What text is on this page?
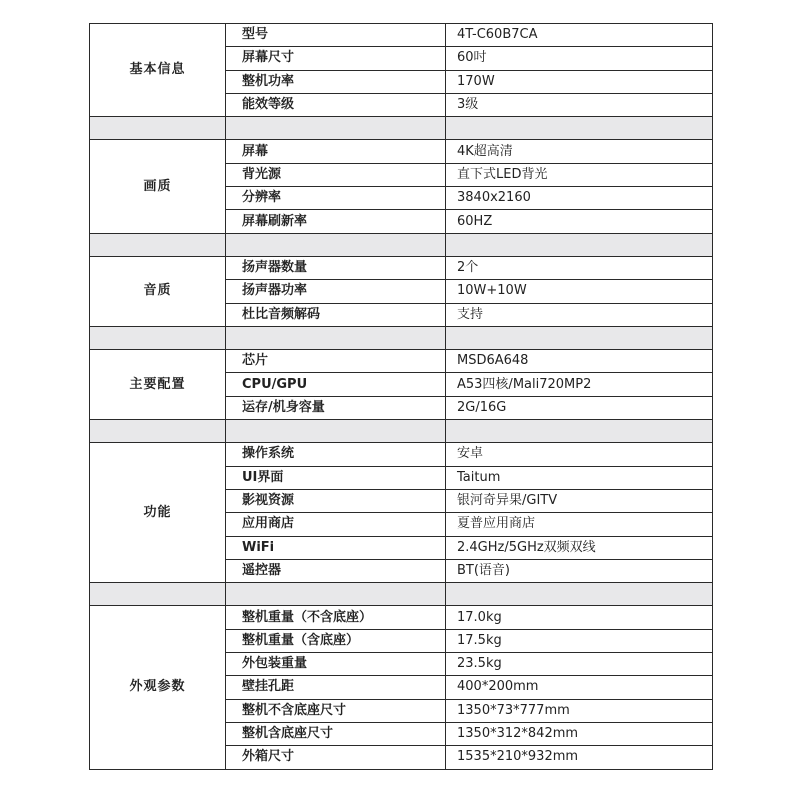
基本信息	型号	4T-C60B7CA
	屏幕尺寸	60吋
	整机功率	170W
	能效等级	3级

画质	屏幕	4K超高清
	背光源	直下式LED背光
	分辨率	3840x2160
	屏幕刷新率	60HZ

音质	扬声器数量	2个
	扬声器功率	10W+10W
	杜比音频解码	支持

主要配置	芯片	MSD6A648
	CPU/GPU	A53四核/Mali720MP2
	运存/机身容量	2G/16G

功能	操作系统	安卓
	UI界面	Taitum
	影视资源	银河奇异果/GITV
	应用商店	夏普应用商店
	WiFi	2.4GHz/5GHz双频双线
	遥控器	BT(语音)

外观参数	整机重量（不含底座）	17.0kg
	整机重量（含底座）	17.5kg
	外包装重量	23.5kg
	壁挂孔距	400*200mm
	整机不含底座尺寸	1350*73*777mm
	整机含底座尺寸	1350*312*842mm
	外箱尺寸	1535*210*932mm
